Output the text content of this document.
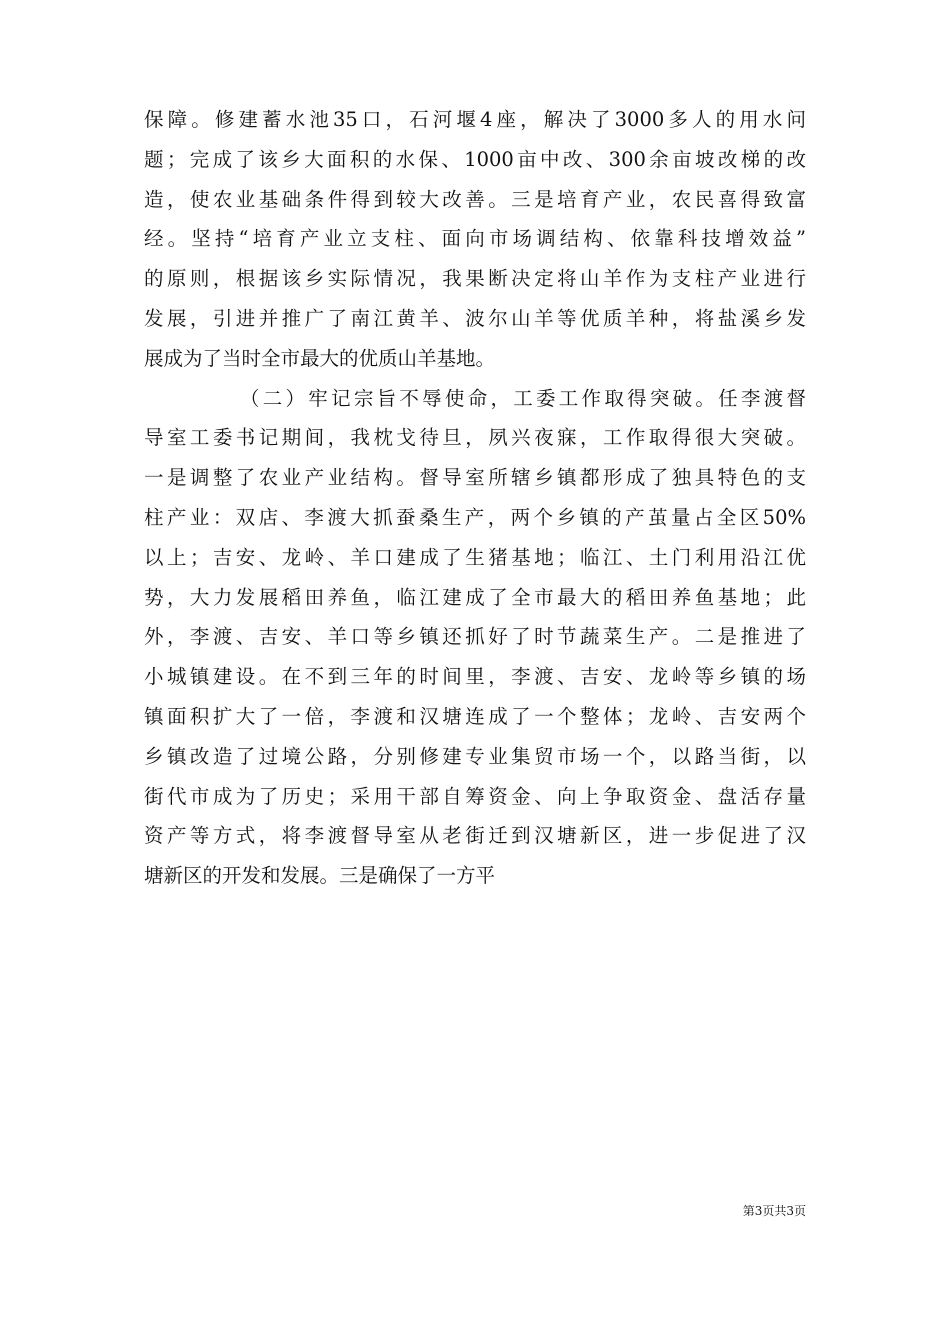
保障。修建蓄水池35口，石河堰4座，解决了3000多人的用水问
题；完成了该乡大面积的水保、1000亩中改、300余亩坡改梯的改
造，使农业基础条件得到较大改善。三是培育产业，农民喜得致富
经。坚持“培育产业立支柱、面向市场调结构、依靠科技增效益”
的原则，根据该乡实际情况，我果断决定将山羊作为支柱产业进行
发展，引进并推广了南江黄羊、波尔山羊等优质羊种，将盐溪乡发
展成为了当时全市最大的优质山羊基地。
（二）牢记宗旨不辱使命，工委工作取得突破。任李渡督
导室工委书记期间，我枕戈待旦，夙兴夜寐，工作取得很大突破。
一是调整了农业产业结构。督导室所辖乡镇都形成了独具特色的支
柱产业：双店、李渡大抓蚕桑生产，两个乡镇的产茧量占全区50%
以上；吉安、龙岭、羊口建成了生猪基地；临江、土门利用沿江优
势，大力发展稻田养鱼，临江建成了全市最大的稻田养鱼基地；此
外，李渡、吉安、羊口等乡镇还抓好了时节蔬菜生产。二是推进了
小城镇建设。在不到三年的时间里，李渡、吉安、龙岭等乡镇的场
镇面积扩大了一倍，李渡和汉塘连成了一个整体；龙岭、吉安两个
乡镇改造了过境公路，分别修建专业集贸市场一个，以路当街，以
街代市成为了历史；采用干部自筹资金、向上争取资金、盘活存量
资产等方式，将李渡督导室从老街迁到汉塘新区，进一步促进了汉
塘新区的开发和发展。三是确保了一方平
第3页共3页
